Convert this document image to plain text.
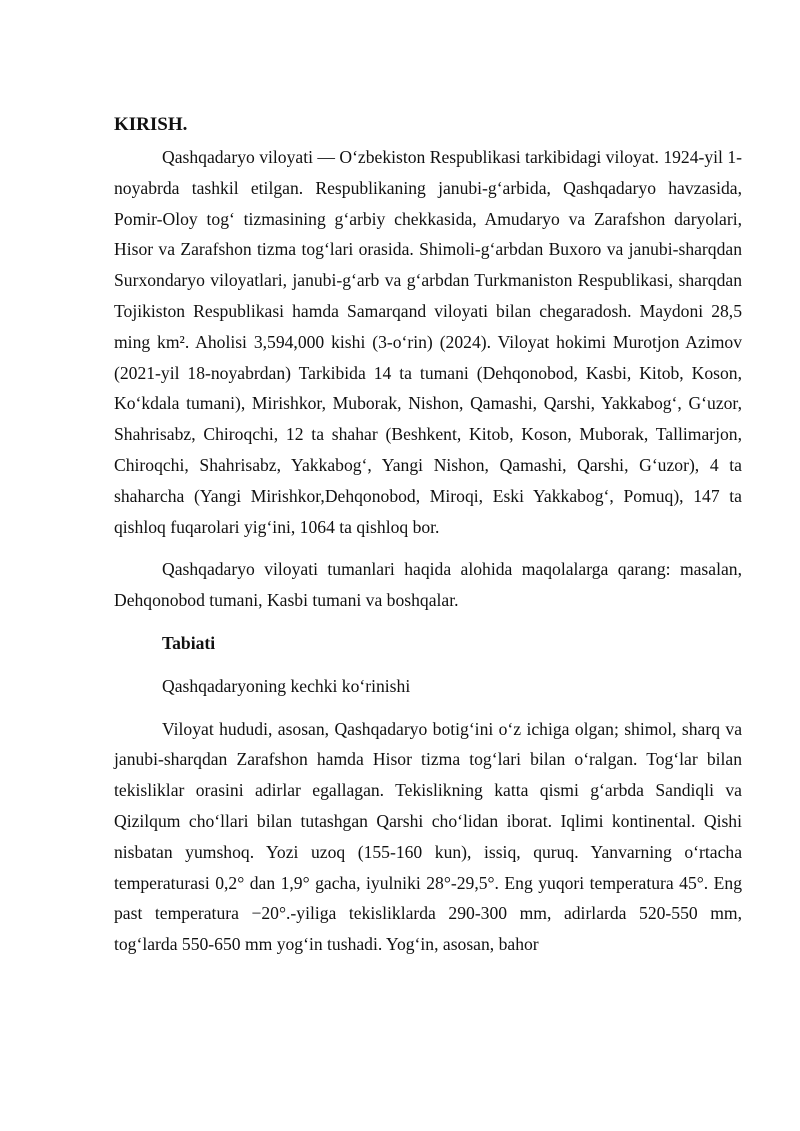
KIRISH.

Qashqadaryo viloyati — O‘zbekiston Respublikasi tarkibidagi viloyat. 1924-yil 1-noyabrda tashkil etilgan. Respublikaning janubi-g‘arbida, Qashqadaryo havzasida, Pomir-Oloy tog‘ tizmasining g‘arbiy chekkasida, Amudaryo va Zarafshon daryolari, Hisor va Zarafshon tizma tog‘lari orasida. Shimoli-g‘arbdan Buxoro va janubi-sharqdan Surxondaryo viloyatlari, janubi-g‘arb va g‘arbdan Turkmaniston Respublikasi, sharqdan Tojikiston Respublikasi hamda Samarqand viloyati bilan chegaradosh. Maydoni 28,5 ming km². Aholisi 3,594,000 kishi (3-o‘rin) (2024). Viloyat hokimi Murotjon Azimov (2021-yil 18-noyabrdan) Tarkibida 14 ta tumani (Dehqonobod, Kasbi, Kitob, Koson, Ko‘kdala tumani), Mirishkor, Muborak, Nishon, Qamashi, Qarshi, Yakkabog‘, G‘uzor, Shahrisabz, Chiroqchi, 12 ta shahar (Beshkent, Kitob, Koson, Muborak, Tallimarjon, Chiroqchi, Shahrisabz, Yakkabog‘, Yangi Nishon, Qamashi, Qarshi, G‘uzor), 4 ta shaharcha (Yangi Mirishkor,Dehqonobod, Miroqi, Eski Yakkabog‘, Pomuq), 147 ta qishloq fuqarolari yig‘ini, 1064 ta qishloq bor.

Qashqadaryo viloyati tumanlari haqida alohida maqolalarga qarang: masalan, Dehqonobod tumani, Kasbi tumani va boshqalar.

Tabiati

Qashqadaryoning kechki ko‘rinishi

Viloyat hududi, asosan, Qashqadaryo botig‘ini o‘z ichiga olgan; shimol, sharq va janubi-sharqdan Zarafshon hamda Hisor tizma tog‘lari bilan o‘ralgan. Tog‘lar bilan tekisliklar orasini adirlar egallagan. Tekislikning katta qismi g‘arbda Sandiqli va Qizilqum cho‘llari bilan tutashgan Qarshi cho‘lidan iborat. Iqlimi kontinental. Qishi nisbatan yumshoq. Yozi uzoq (155-160 kun), issiq, quruq. Yanvarning o‘rtacha temperaturasi 0,2° dan 1,9° gacha, iyulniki 28°-29,5°. Eng yuqori temperatura 45°. Eng past temperatura −20°.-yiliga tekisliklarda 290-300 mm, adirlarda 520-550 mm, tog‘larda 550-650 mm yog‘in tushadi. Yog‘in, asosan, bahor
